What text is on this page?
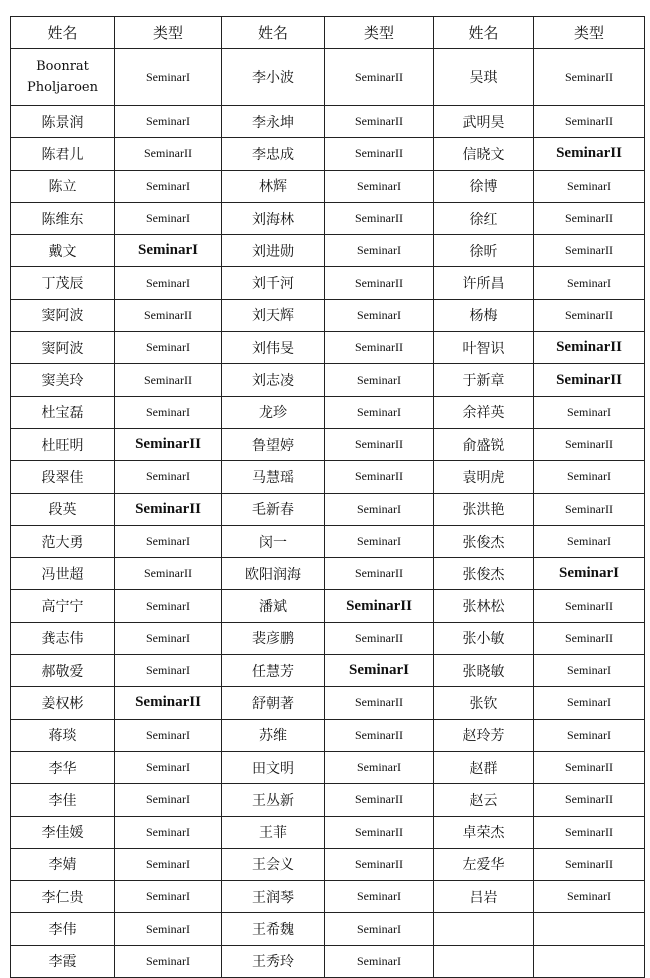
姓名	类型	姓名	类型	姓名	类型
Boonrat Pholjaroen	SeminarI	李小波	SeminarII	吴琪	SeminarII
陈景润	SeminarI	李永坤	SeminarII	武明昊	SeminarII
陈君儿	SeminarII	李忠成	SeminarII	信晓文	SeminarII
陈立	SeminarI	林辉	SeminarI	徐博	SeminarI
陈维东	SeminarI	刘海林	SeminarII	徐红	SeminarII
戴文	SeminarI	刘进勋	SeminarI	徐昕	SeminarII
丁茂辰	SeminarI	刘千河	SeminarII	许所昌	SeminarI
窦阿波	SeminarII	刘天辉	SeminarI	杨梅	SeminarII
窦阿波	SeminarI	刘伟旻	SeminarII	叶智识	SeminarII
窦美玲	SeminarII	刘志凌	SeminarI	于新章	SeminarII
杜宝磊	SeminarI	龙珍	SeminarI	余祥英	SeminarI
杜旺明	SeminarII	鲁望婷	SeminarII	俞盛锐	SeminarII
段翠佳	SeminarI	马慧瑶	SeminarII	袁明虎	SeminarI
段英	SeminarII	毛新春	SeminarI	张洪艳	SeminarII
范大勇	SeminarI	闵一	SeminarI	张俊杰	SeminarI
冯世超	SeminarII	欧阳润海	SeminarII	张俊杰	SeminarI
高宁宁	SeminarI	潘斌	SeminarII	张林松	SeminarII
龚志伟	SeminarI	裴彦鹏	SeminarII	张小敏	SeminarII
郝敬爱	SeminarI	任慧芳	SeminarI	张晓敏	SeminarI
姜权彬	SeminarII	舒朝著	SeminarII	张钦	SeminarI
蒋琰	SeminarI	苏维	SeminarII	赵玲芳	SeminarI
李华	SeminarI	田文明	SeminarI	赵群	SeminarII
李佳	SeminarI	王丛新	SeminarII	赵云	SeminarII
李佳媛	SeminarI	王菲	SeminarII	卓荣杰	SeminarII
李婧	SeminarI	王会义	SeminarII	左爱华	SeminarII
李仁贵	SeminarI	王润琴	SeminarI	吕岩	SeminarI
李伟	SeminarI	王希魏	SeminarI		
李霞	SeminarI	王秀玲	SeminarI		
